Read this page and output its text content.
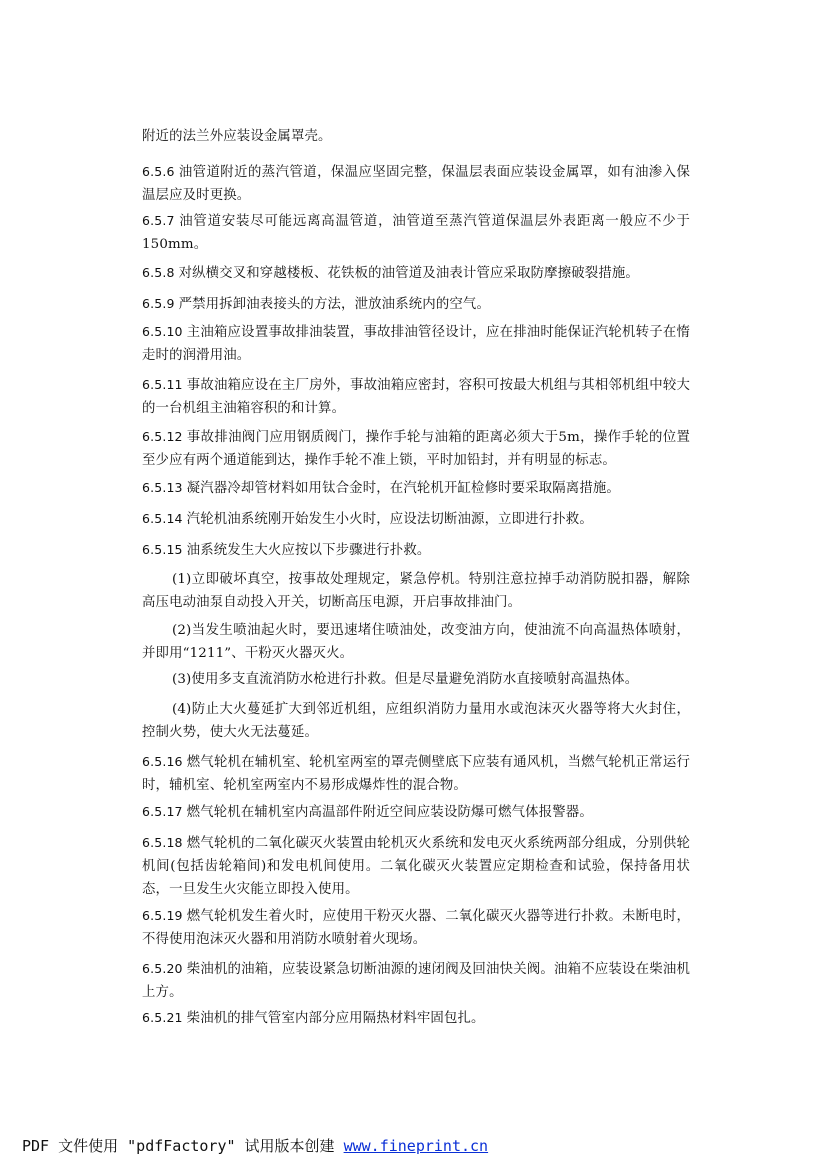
附近的法兰外应装设金属罩壳。

6.5.6 油管道附近的蒸汽管道，保温应坚固完整，保温层表面应装设金属罩，如有油渗入保温层应及时更换。

6.5.7 油管道安装尽可能远离高温管道，油管道至蒸汽管道保温层外表距离一般应不少于150mm。

6.5.8 对纵横交叉和穿越楼板、花铁板的油管道及油表计管应采取防摩擦破裂措施。

6.5.9 严禁用拆卸油表接头的方法，泄放油系统内的空气。

6.5.10 主油箱应设置事故排油装置，事故排油管径设计，应在排油时能保证汽轮机转子在惰走时的润滑用油。

6.5.11 事故油箱应设在主厂房外，事故油箱应密封，容积可按最大机组与其相邻机组中较大的一台机组主油箱容积的和计算。

6.5.12 事故排油阀门应用钢质阀门，操作手轮与油箱的距离必须大于5m，操作手轮的位置至少应有两个通道能到达，操作手轮不准上锁，平时加铅封，并有明显的标志。

6.5.13 凝汽器冷却管材料如用钛合金时，在汽轮机开缸检修时要采取隔离措施。

6.5.14 汽轮机油系统刚开始发生小火时，应设法切断油源，立即进行扑救。

6.5.15 油系统发生大火应按以下步骤进行扑救。

(1)立即破坏真空，按事故处理规定，紧急停机。特别注意拉掉手动消防脱扣器，解除高压电动油泵自动投入开关，切断高压电源，开启事故排油门。

(2)当发生喷油起火时，要迅速堵住喷油处，改变油方向，使油流不向高温热体喷射，并即用“1211”、干粉灭火器灭火。

(3)使用多支直流消防水枪进行扑救。但是尽量避免消防水直接喷射高温热体。

(4)防止大火蔓延扩大到邻近机组，应组织消防力量用水或泡沫灭火器等将大火封住，控制火势，使大火无法蔓延。

6.5.16 燃气轮机在辅机室、轮机室两室的罩壳侧壁底下应装有通风机，当燃气轮机正常运行时，辅机室、轮机室两室内不易形成爆炸性的混合物。

6.5.17 燃气轮机在辅机室内高温部件附近空间应装设防爆可燃气体报警器。

6.5.18 燃气轮机的二氧化碳灭火装置由轮机灭火系统和发电灭火系统两部分组成，分别供轮机间(包括齿轮箱间)和发电机间使用。二氧化碳灭火装置应定期检查和试验，保持备用状态，一旦发生火灾能立即投入使用。

6.5.19 燃气轮机发生着火时，应使用干粉灭火器、二氧化碳灭火器等进行扑救。未断电时，不得使用泡沫灭火器和用消防水喷射着火现场。

6.5.20 柴油机的油箱，应装设紧急切断油源的速闭阀及回油快关阀。油箱不应装设在柴油机上方。

6.5.21 柴油机的排气管室内部分应用隔热材料牢固包扎。

PDF 文件使用 "pdfFactory" 试用版本创建 www.fineprint.cn
